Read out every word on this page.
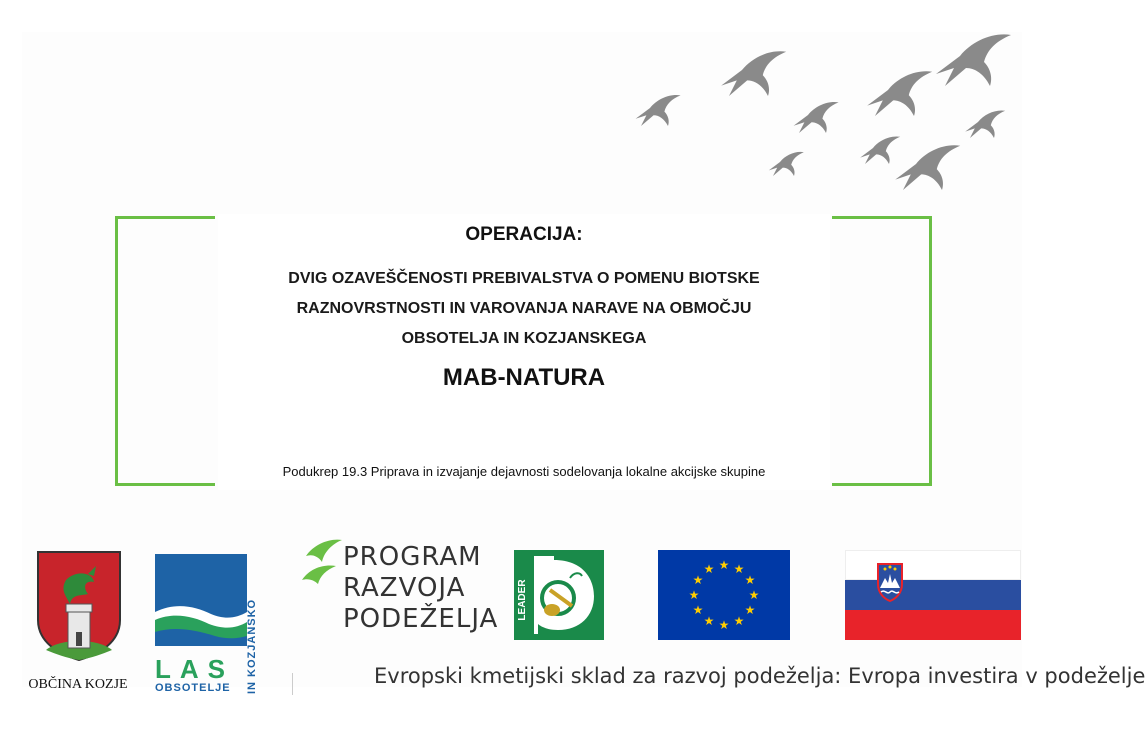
OPERACIJA:
DVIG OZAVEŠČENOSTI PREBIVALSTVA O POMENU BIOTSKE
RAZNOVRSTNOSTI IN VAROVANJA NARAVE NA OBMOČJU
OBSOTELJA IN KOZJANSKEGA
MAB-NATURA
Podukrep 19.3 Priprava in izvajanje dejavnosti sodelovanja lokalne akcijske skupine
OBČINA KOZJE
LAS
OBSOTELJE IN KOZJANSKO
PROGRAM
RAZVOJA
PODEŽELJA LEADER
★ ★
★
★
★
★
★
★
★
★
★
★
Evropski kmetijski sklad za razvoj podeželja: Evropa investira v podeželje
